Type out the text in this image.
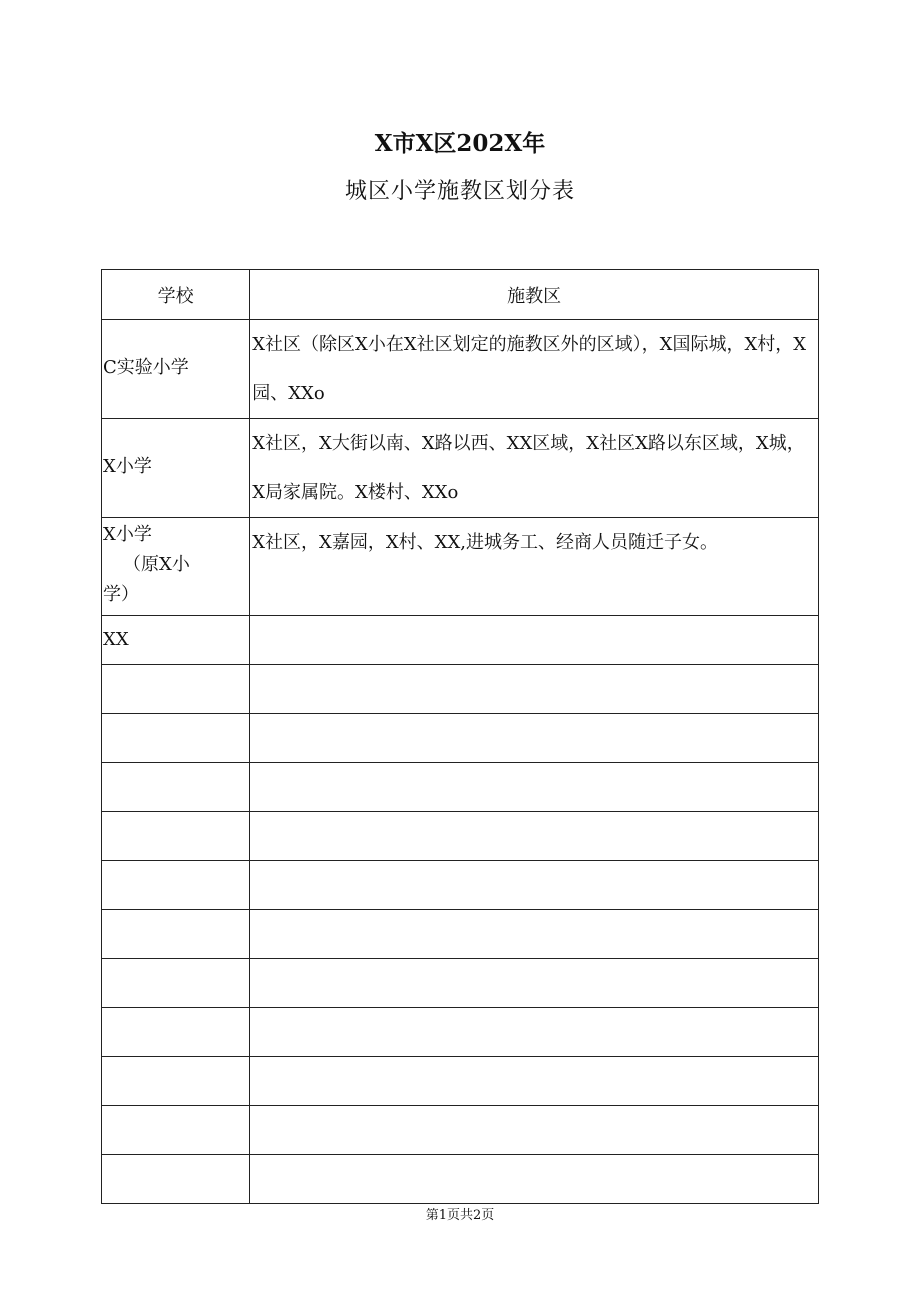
X市X区202X年
城区小学施教区划分表
学校	施教区

C实验小学	X社区（除区X小在X社区划定的施教区外的区域），X国际城，X村，X园、XXo

X小学	X社区，X大街以南、X路以西、XX区域，X社区X路以东区域，X城，X局家属院。X楼村、XXo

X小学
（原X小
学）	X社区，X嘉园，X村、XX,进城务工、经商人员随迁子女。

XX	

第1页共2页
